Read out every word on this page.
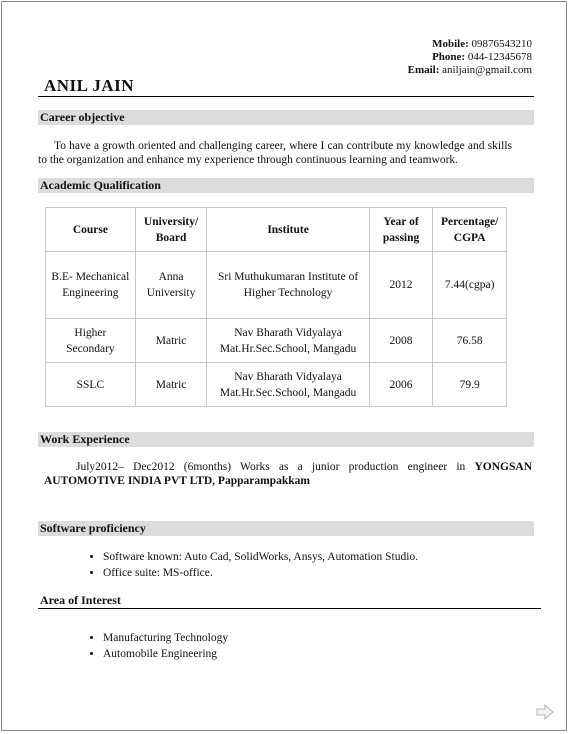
Mobile: 09876543210
Phone: 044-12345678
Email: aniljain@gmail.com
ANIL JAIN
Career objective
To have a growth oriented and challenging career, where I can contribute my knowledge and skills to the organization and enhance my experience through continuous learning and teamwork.
Academic Qualification
Course	University/ Board	Institute	Year of passing	Percentage/ CGPA
B.E- Mechanical Engineering	Anna University	Sri Muthukumaran Institute of Higher Technology	2012	7.44(cgpa)
Higher Secondary	Matric	Nav Bharath Vidyalaya Mat.Hr.Sec.School, Mangadu	2008	76.58
SSLC	Matric	Nav Bharath Vidyalaya Mat.Hr.Sec.School, Mangadu	2006	79.9
Work Experience
July2012– Dec2012 (6months) Works as a junior production engineer in YONGSAN AUTOMOTIVE INDIA PVT LTD, Papparampakkam
Software proficiency
• Software known: Auto Cad, SolidWorks, Ansys, Automation Studio.
• Office suite: MS-office.
Area of Interest
• Manufacturing Technology
• Automobile Engineering
